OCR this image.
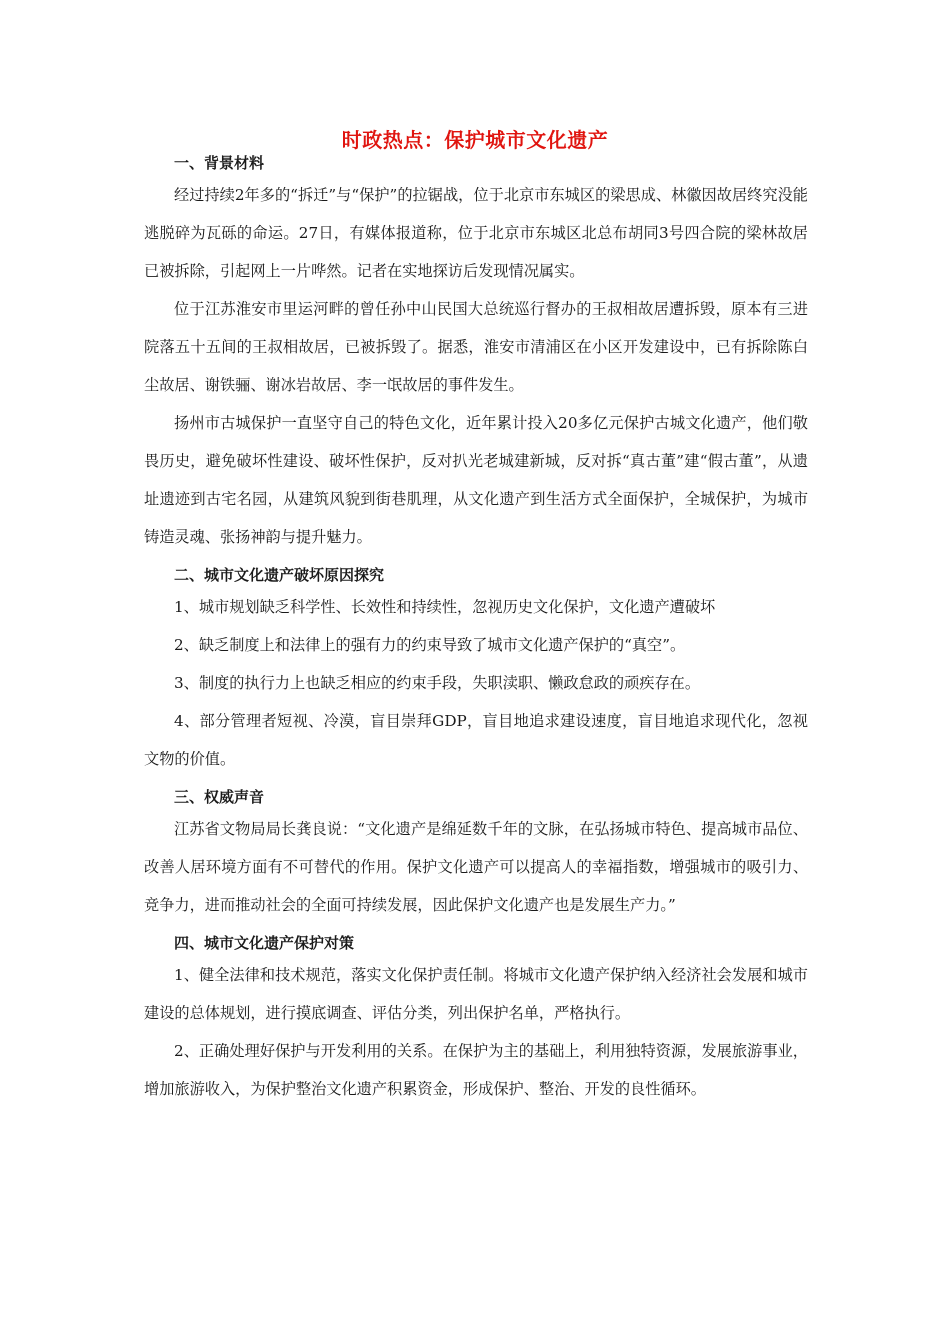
时政热点：保护城市文化遗产
一、背景材料

经过持续2年多的“拆迁”与“保护”的拉锯战，位于北京市东城区的梁思成、林徽因故居终究没能逃脱碎为瓦砾的命运。27日，有媒体报道称，位于北京市东城区北总布胡同3号四合院的梁林故居已被拆除，引起网上一片哗然。记者在实地探访后发现情况属实。

位于江苏淮安市里运河畔的曾任孙中山民国大总统巡行督办的王叔相故居遭拆毁，原本有三进院落五十五间的王叔相故居，已被拆毁了。据悉，淮安市清浦区在小区开发建设中，已有拆除陈白尘故居、谢铁骊、谢冰岩故居、李一氓故居的事件发生。

扬州市古城保护一直坚守自己的特色文化，近年累计投入20多亿元保护古城文化遗产，他们敬畏历史，避免破坏性建设、破坏性保护，反对扒光老城建新城，反对拆“真古董”建“假古董”，从遗址遗迹到古宅名园，从建筑风貌到街巷肌理，从文化遗产到生活方式全面保护，全城保护，为城市铸造灵魂、张扬神韵与提升魅力。

二、城市文化遗产破坏原因探究

1、城市规划缺乏科学性、长效性和持续性，忽视历史文化保护，文化遗产遭破坏

2、缺乏制度上和法律上的强有力的约束导致了城市文化遗产保护的“真空”。

3、制度的执行力上也缺乏相应的约束手段，失职渎职、懒政怠政的顽疾存在。

4、部分管理者短视、冷漠，盲目崇拜GDP，盲目地追求建设速度，盲目地追求现代化，忽视文物的价值。

三、权威声音

江苏省文物局局长龚良说：“文化遗产是绵延数千年的文脉，在弘扬城市特色、提高城市品位、改善人居环境方面有不可替代的作用。保护文化遗产可以提高人的幸福指数，增强城市的吸引力、竞争力，进而推动社会的全面可持续发展，因此保护文化遗产也是发展生产力。”

四、城市文化遗产保护对策

1、健全法律和技术规范，落实文化保护责任制。将城市文化遗产保护纳入经济社会发展和城市建设的总体规划，进行摸底调查、评估分类，列出保护名单，严格执行。

2、正确处理好保护与开发利用的关系。在保护为主的基础上，利用独特资源，发展旅游事业，增加旅游收入，为保护整治文化遗产积累资金，形成保护、整治、开发的良性循环。
